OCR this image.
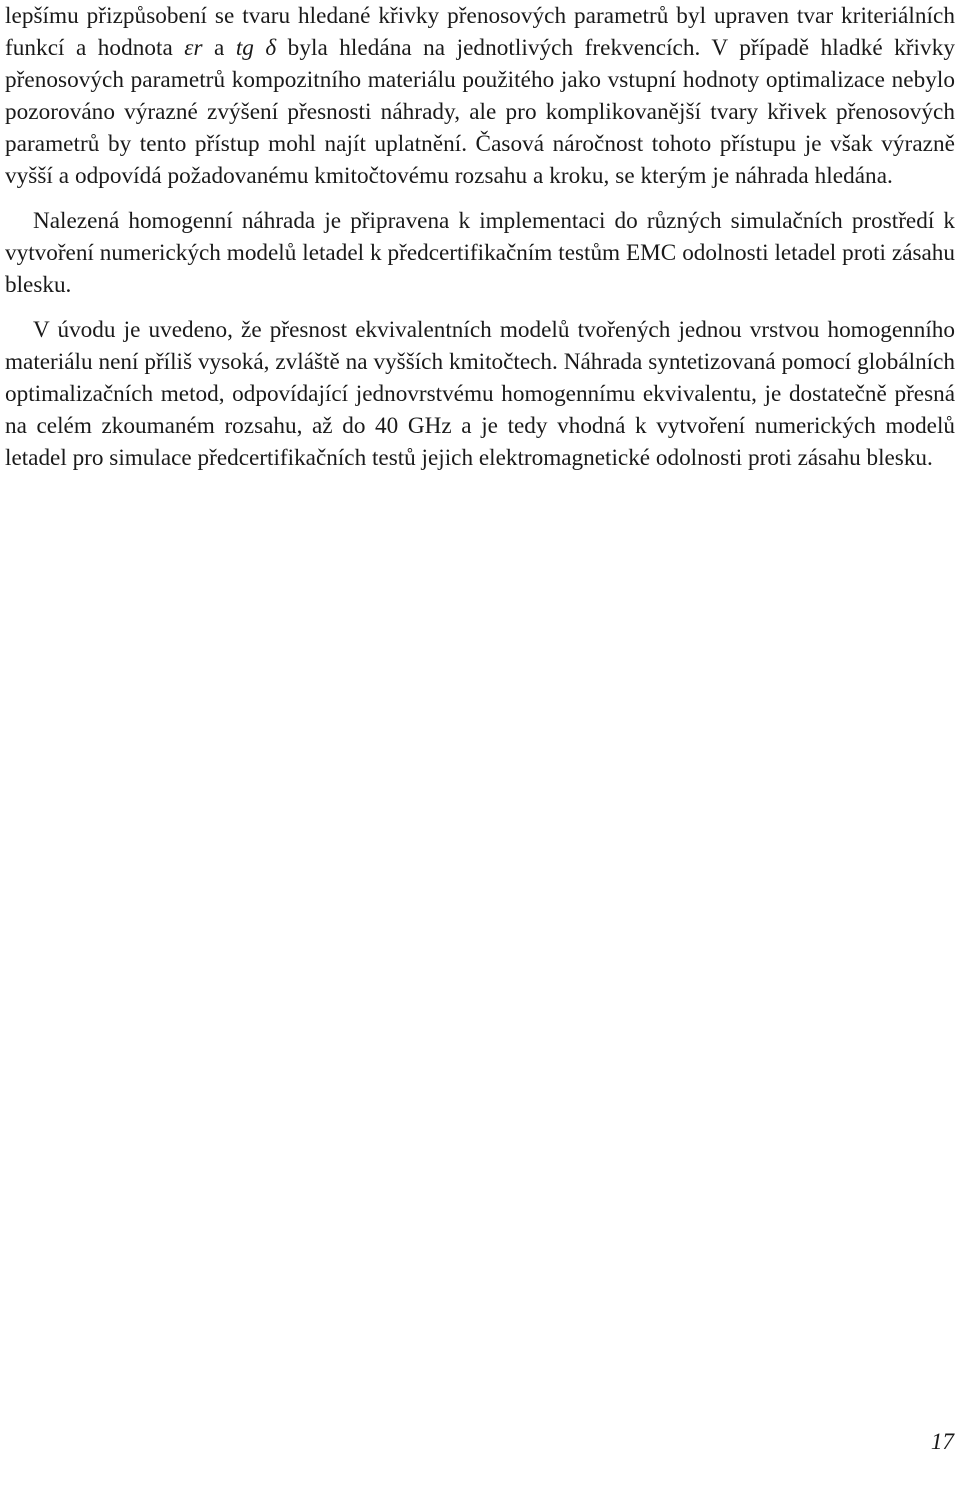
lepšímu přizpůsobení se tvaru hledané křivky přenosových parametrů byl upraven tvar kriteriálních funkcí a hodnota εr a tg δ byla hledána na jednotlivých frekvencích. V případě hladké křivky přenosových parametrů kompozitního materiálu použitého jako vstupní hodnoty optimalizace nebylo pozorováno výrazné zvýšení přesnosti náhrady, ale pro komplikovanější tvary křivek přenosových parametrů by tento přístup mohl najít uplatnění. Časová náročnost tohoto přístupu je však výrazně vyšší a odpovídá požadovanému kmitočtovému rozsahu a kroku, se kterým je náhrada hledána.

Nalezená homogenní náhrada je připravena k implementaci do různých simulačních prostředí k vytvoření numerických modelů letadel k předcertifikačním testům EMC odolnosti letadel proti zásahu blesku.

V úvodu je uvedeno, že přesnost ekvivalentních modelů tvořených jednou vrstvou homogenního materiálu není příliš vysoká, zvláště na vyšších kmitočtech. Náhrada syntetizovaná pomocí globálních optimalizačních metod, odpovídající jednovrstvému homogennímu ekvivalentu, je dostatečně přesná na celém zkoumaném rozsahu, až do 40 GHz a je tedy vhodná k vytvoření numerických modelů letadel pro simulace předcertifikačních testů jejich elektromagnetické odolnosti proti zásahu blesku.

17
